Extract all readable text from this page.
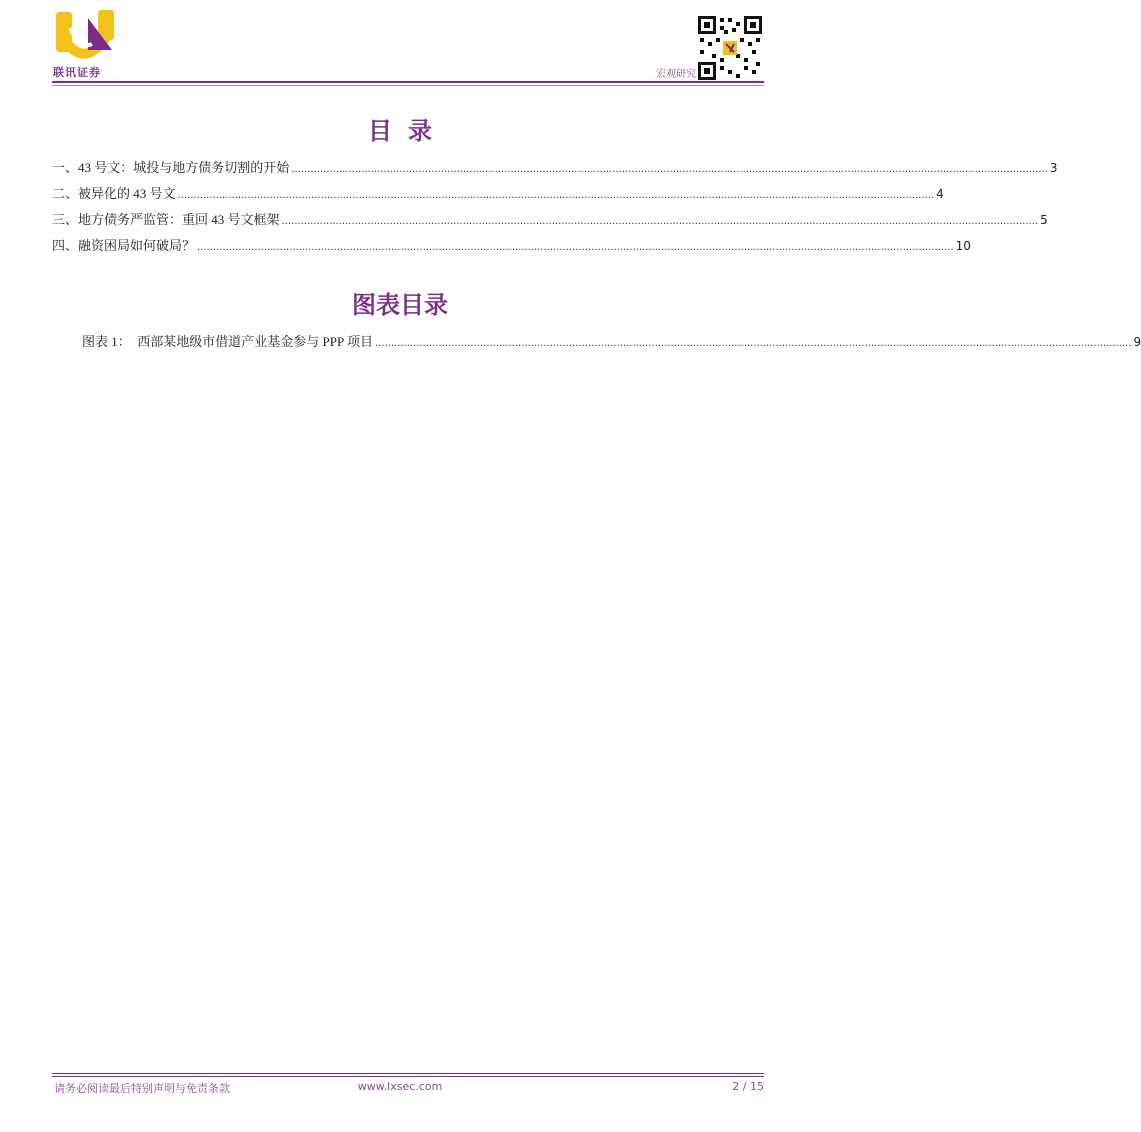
联讯证券	宏观研究
目录
一、43 号文：城投与地方债务切割的开始 .............................................................................................................................................................................................................................................. 3
二、被异化的 43 号文 .............................................................................................................................................................................................................................................. 4
三、地方债务严监管：重回 43 号文框架 .............................................................................................................................................................................................................................................. 5
四、融资困局如何破局？ .............................................................................................................................................................................................................................................. 10
图表目录
图表 1：　西部某地级市借道产业基金参与 PPP 项目 .............................................................................................................................................................................................................................................. 9
请务必阅读最后特别声明与免责条款	www.lxsec.com	2 / 15
